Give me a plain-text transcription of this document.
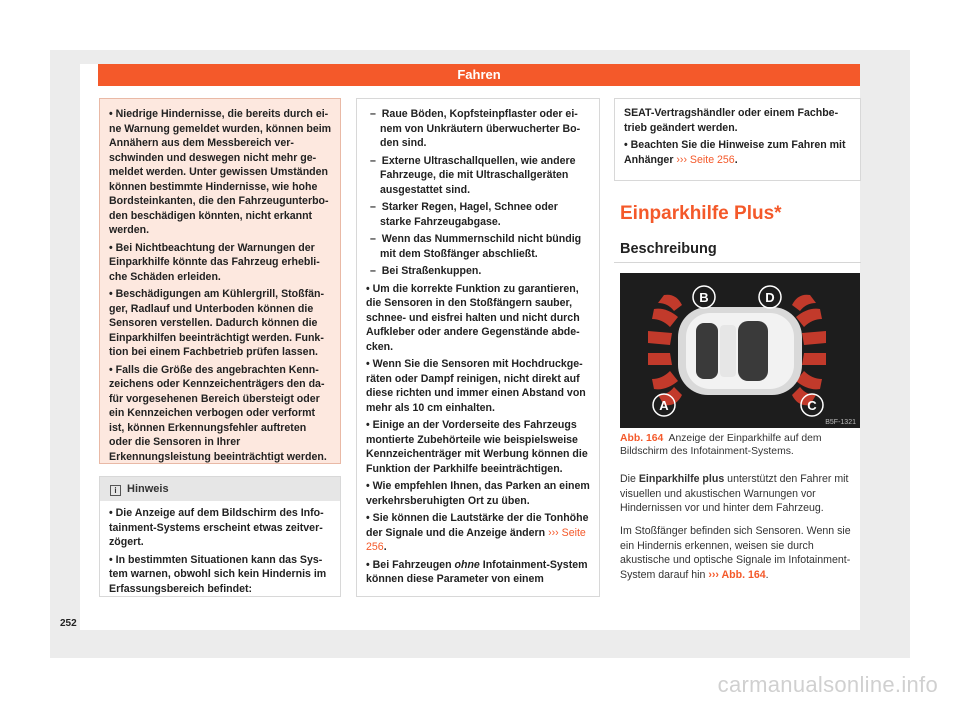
Fahren
• Niedrige Hindernisse, die bereits durch eine Warnung gemeldet wurden, können beim Annähern aus dem Messbereich verschwinden und deswegen nicht mehr gemeldet werden. Unter gewissen Umständen können bestimmte Hindernisse, wie hohe Bordsteinkanten, die den Fahrzeugunterboden beschädigen könnten, nicht erkannt werden.
• Bei Nichtbeachtung der Warnungen der Einparkhilfe könnte das Fahrzeug erhebliche Schäden erleiden.
• Beschädigungen am Kühlergrill, Stoßfänger, Radlauf und Unterboden können die Sensoren verstellen. Dadurch können die Einparkhilfen beeinträchtigt werden. Funktion bei einem Fachbetrieb prüfen lassen.
• Falls die Größe des angebrachten Kennzeichens oder Kennzeichenträgers den dafür vorgesehenen Bereich übersteigt oder ein Kennzeichen verbogen oder verformt ist, können Erkennungsfehler auftreten oder die Sensoren in Ihrer Erkennungsleistung beeinträchtigt werden.
i Hinweis
• Die Anzeige auf dem Bildschirm des Infotainment-Systems erscheint etwas zeitverzögert.
• In bestimmten Situationen kann das System warnen, obwohl sich kein Hindernis im Erfassungsbereich befindet:
–  Raue Böden, Kopfsteinpflaster oder einem von Unkräutern überwucherter Boden sind.
–  Externe Ultraschallquellen, wie andere Fahrzeuge, die mit Ultraschallgeräten ausgestattet sind.
–  Starker Regen, Hagel, Schnee oder starke Fahrzeugabgase.
–  Wenn das Nummernschild nicht bündig mit dem Stoßfänger abschließt.
–  Bei Straßenkuppen.
• Um die korrekte Funktion zu garantieren, die Sensoren in den Stoßfängern sauber, schnee- und eisfrei halten und nicht durch Aufkleber oder andere Gegenstände abdecken.
• Wenn Sie die Sensoren mit Hochdruckgeräten oder Dampf reinigen, nicht direkt auf diese richten und immer einen Abstand von mehr als 10 cm einhalten.
• Einige an der Vorderseite des Fahrzeugs montierte Zubehörteile wie beispielsweise Kennzeichenträger mit Werbung können die Funktion der Parkhilfe beeinträchtigen.
• Wie empfehlen Ihnen, das Parken an einem verkehrsberuhigten Ort zu üben.
• Sie können die Lautstärke der die Tonhöhe der Signale und die Anzeige ändern ››› Seite 256.
• Bei Fahrzeugen ohne Infotainment-System können diese Parameter von einem
SEAT-Vertragshändler oder einem Fachbetrieb geändert werden.
• Beachten Sie die Hinweise zum Fahren mit Anhänger ››› Seite 256.
Einparkhilfe Plus*
Beschreibung
A
B
C
D
B5F-1321
Abb. 164 Anzeige der Einparkhilfe auf dem Bildschirm des Infotainment-Systems.
Die Einparkhilfe plus unterstützt den Fahrer mit visuellen und akustischen Warnungen vor Hindernissen vor und hinter dem Fahrzeug.
Im Stoßfänger befinden sich Sensoren. Wenn sie ein Hindernis erkennen, weisen sie durch akustische und optische Signale im Infotainment-System darauf hin ››› Abb. 164.
252
carmanualsonline.info
